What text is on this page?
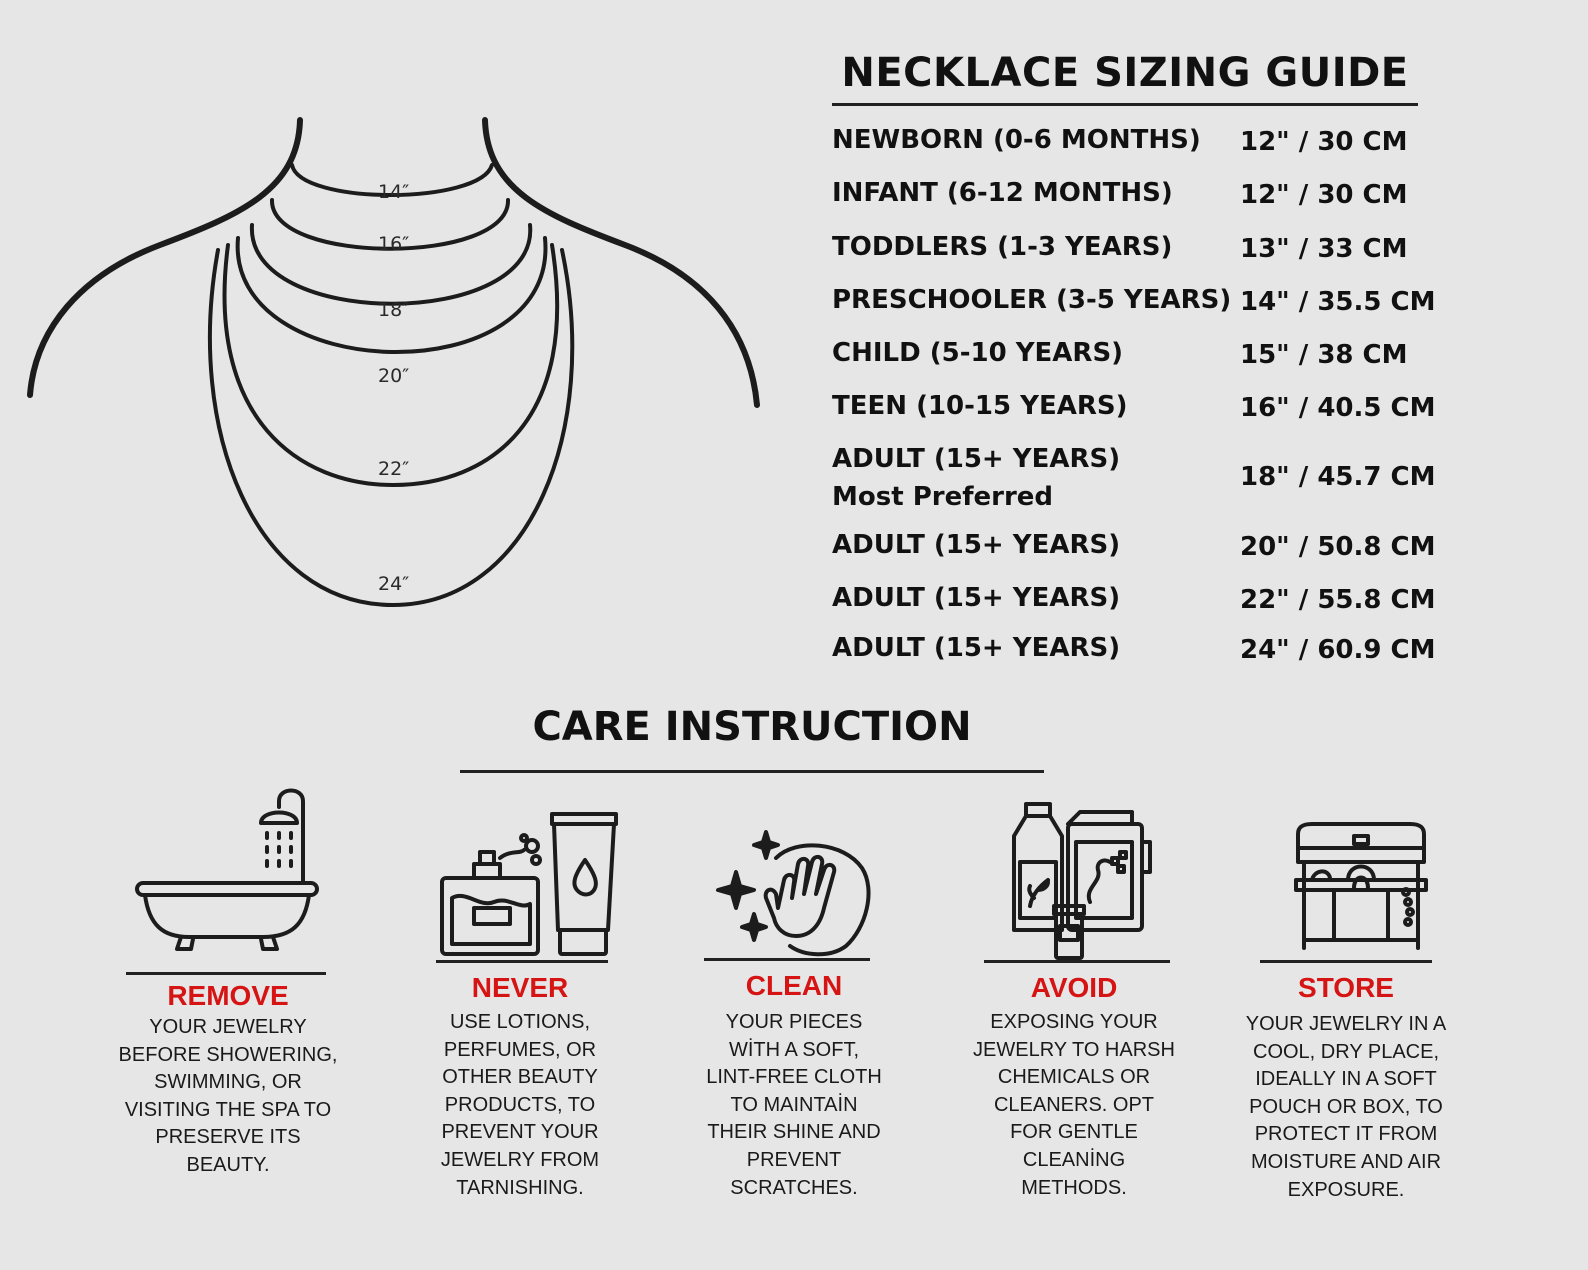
14″
16″
18″
20″
22″
24″
NECKLACE SIZING GUIDE
NEWBORN (0-6 MONTHS) 12" / 30 CM
INFANT (6-12 MONTHS)	12" / 30 CM
TODDLERS (1-3 YEARS)	13" / 33 CM
PRESCHOOLER (3-5 YEARS) 14" / 35.5 CM
CHILD (5-10 YEARS)	15" / 38 CM
TEEN (10-15 YEARS)	16" / 40.5 CM
ADULT (15+ YEARS)
Most Preferred
18" / 45.7 CM
ADULT (15+ YEARS)	20" / 50.8 CM
ADULT (15+ YEARS)	22" / 55.8 CM
ADULT (15+ YEARS)	24" / 60.9 CM
CARE INSTRUCTION
REMOVE
YOUR JEWELRY
BEFORE SHOWERING,
SWIMMING, OR
VISITING THE SPA TO
PRESERVE ITS
BEAUTY.
NEVER
USE LOTIONS,
PERFUMES, OR
OTHER BEAUTY
PRODUCTS, TO
PREVENT YOUR
JEWELRY FROM
TARNISHING.
CLEAN
YOUR PIECES
WİTH A SOFT,
LINT-FREE CLOTH
TO MAINTAİN
THEIR SHINE AND
PREVENT
SCRATCHES.
AVOID
EXPOSING YOUR
JEWELRY TO HARSH
CHEMICALS OR
CLEANERS. OPT
FOR GENTLE
CLEANİNG
METHODS.
STORE
YOUR JEWELRY IN A
COOL, DRY PLACE,
IDEALLY IN A SOFT
POUCH OR BOX, TO
PROTECT IT FROM
MOISTURE AND AIR
EXPOSURE.
